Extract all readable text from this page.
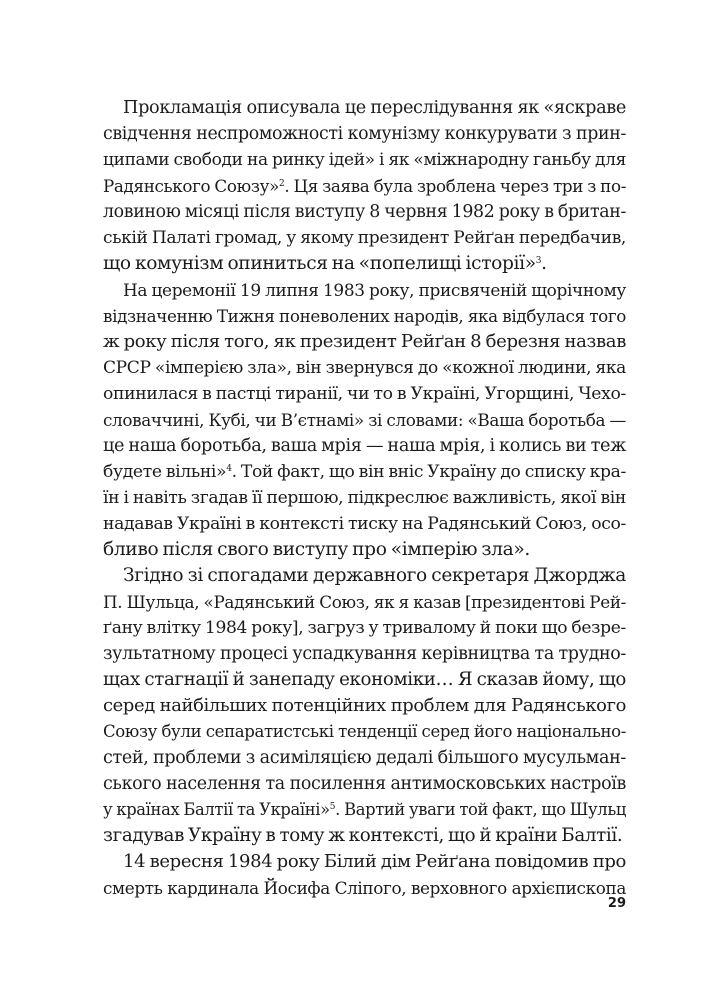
Прокламація описувала це переслідування як «яскраве
свідчення неспроможності комунізму конкурувати з прин-
ципами свободи на ринку ідей» і як «міжнародну ганьбу для
Радянського Союзу»$^2$. Ця заява була зроблена через три з по-
ловиною місяці після виступу 8 червня 1982 року в британ-
ській Палаті громад, у якому президент Рейґан передбачив,
що комунізм опиниться на «попелищі історії»$^3$.
На церемонії 19 липня 1983 року, присвяченій щорічному
відзначенню Тижня поневолених народів, яка відбулася того
ж року після того, як президент Рейґан 8 березня назвав
СРСР «імперією зла», він звернувся до «кожної людини, яка
опинилася в пастці тиранії, чи то в Україні, Угорщині, Чехо-
словаччині, Кубі, чи В’єтнамі» зі словами: «Ваша боротьба —
це наша боротьба, ваша мрія — наша мрія, і колись ви теж
будете вільні»$^4$. Той факт, що він вніс Україну до списку кра-
їн і навіть згадав її першою, підкреслює важливість, якої він
надавав Україні в контексті тиску на Радянський Союз, осо-
бливо після свого виступу про «імперію зла».
Згідно зі спогадами державного секретаря Джорджа
П. Шульца, «Радянський Союз, як я казав [президентові Рей-
ґану влітку 1984 року], загруз у тривалому й поки що безре-
зультатному процесі успадкування керівництва та трудно-
щах стагнації й занепаду економіки… Я сказав йому, що
серед найбільших потенційних проблем для Радянського
Союзу були сепаратистські тенденції серед його національно-
стей, проблеми з асиміляцією дедалі більшого мусульман-
ського населення та посилення антимосковських настроїв
у країнах Балтії та Україні»$^5$. Вартий уваги той факт, що Шульц
згадував Україну в тому ж контексті, що й країни Балтії.
14 вересня 1984 року Білий дім Рейґана повідомив про
смерть кардинала Йосифа Сліпого, верховного архієпископа
29
